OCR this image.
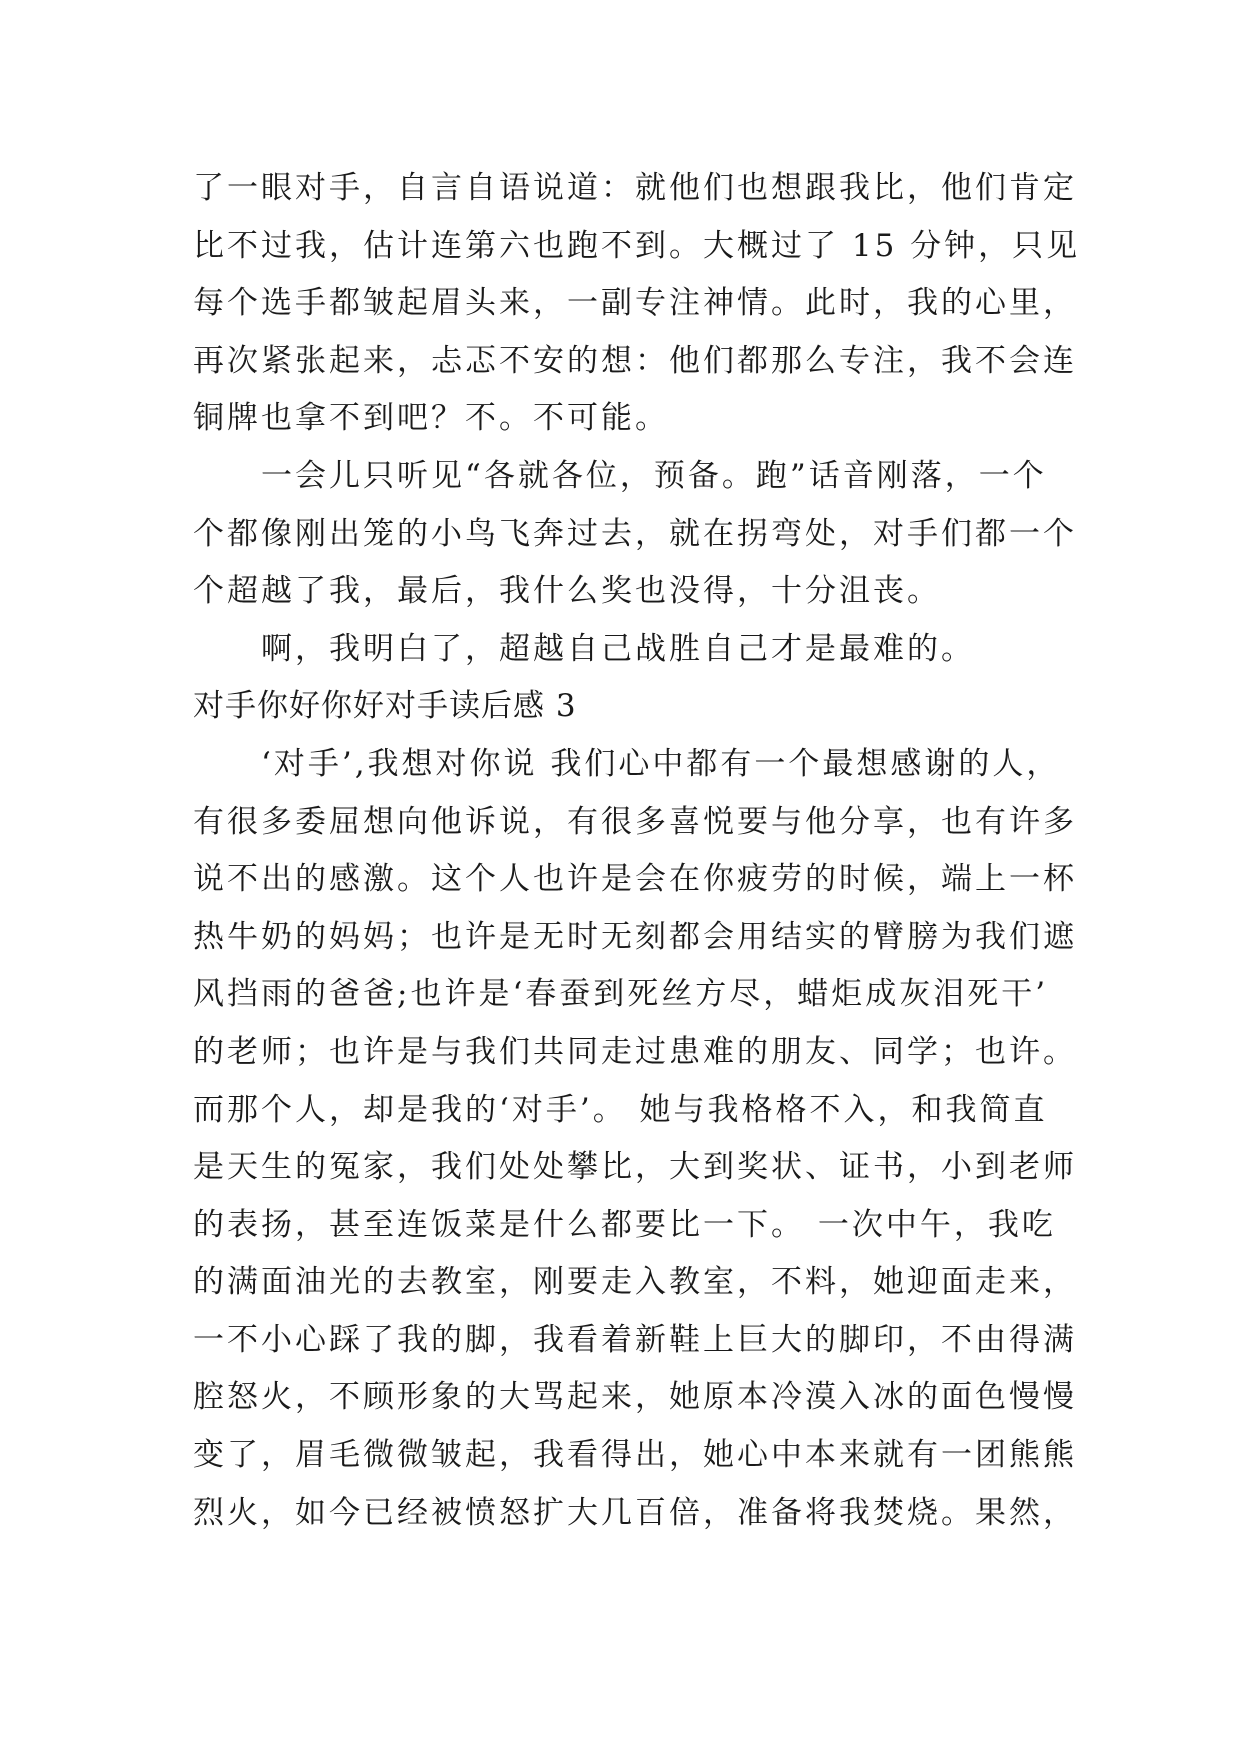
了一眼对手，自言自语说道：就他们也想跟我比，他们肯定
比不过我，估计连第六也跑不到。大概过了 15 分钟，只见
每个选手都皱起眉头来，一副专注神情。此时，我的心里，
再次紧张起来，忐忑不安的想：他们都那么专注，我不会连
铜牌也拿不到吧？不。不可能。
　　一会儿只听见“各就各位，预备。跑”话音刚落，一个
个都像刚出笼的小鸟飞奔过去，就在拐弯处，对手们都一个
个超越了我，最后，我什么奖也没得，十分沮丧。
　　啊，我明白了，超越自己战胜自己才是最难的。
对手你好你好对手读后感 3
　　‘对手’,我想对你说 我们心中都有一个最想感谢的人，
有很多委屈想向他诉说，有很多喜悦要与他分享，也有许多
说不出的感激。这个人也许是会在你疲劳的时候，端上一杯
热牛奶的妈妈；也许是无时无刻都会用结实的臂膀为我们遮
风挡雨的爸爸;也许是‘春蚕到死丝方尽，蜡炬成灰泪死干’
的老师；也许是与我们共同走过患难的朋友、同学；也许。
而那个人，却是我的‘对手’。 她与我格格不入，和我简直
是天生的冤家，我们处处攀比，大到奖状、证书，小到老师
的表扬，甚至连饭菜是什么都要比一下。 一次中午，我吃
的满面油光的去教室，刚要走入教室，不料，她迎面走来，
一不小心踩了我的脚，我看着新鞋上巨大的脚印，不由得满
腔怒火，不顾形象的大骂起来，她原本冷漠入冰的面色慢慢
变了，眉毛微微皱起，我看得出，她心中本来就有一团熊熊
烈火，如今已经被愤怒扩大几百倍，准备将我焚烧。果然，
